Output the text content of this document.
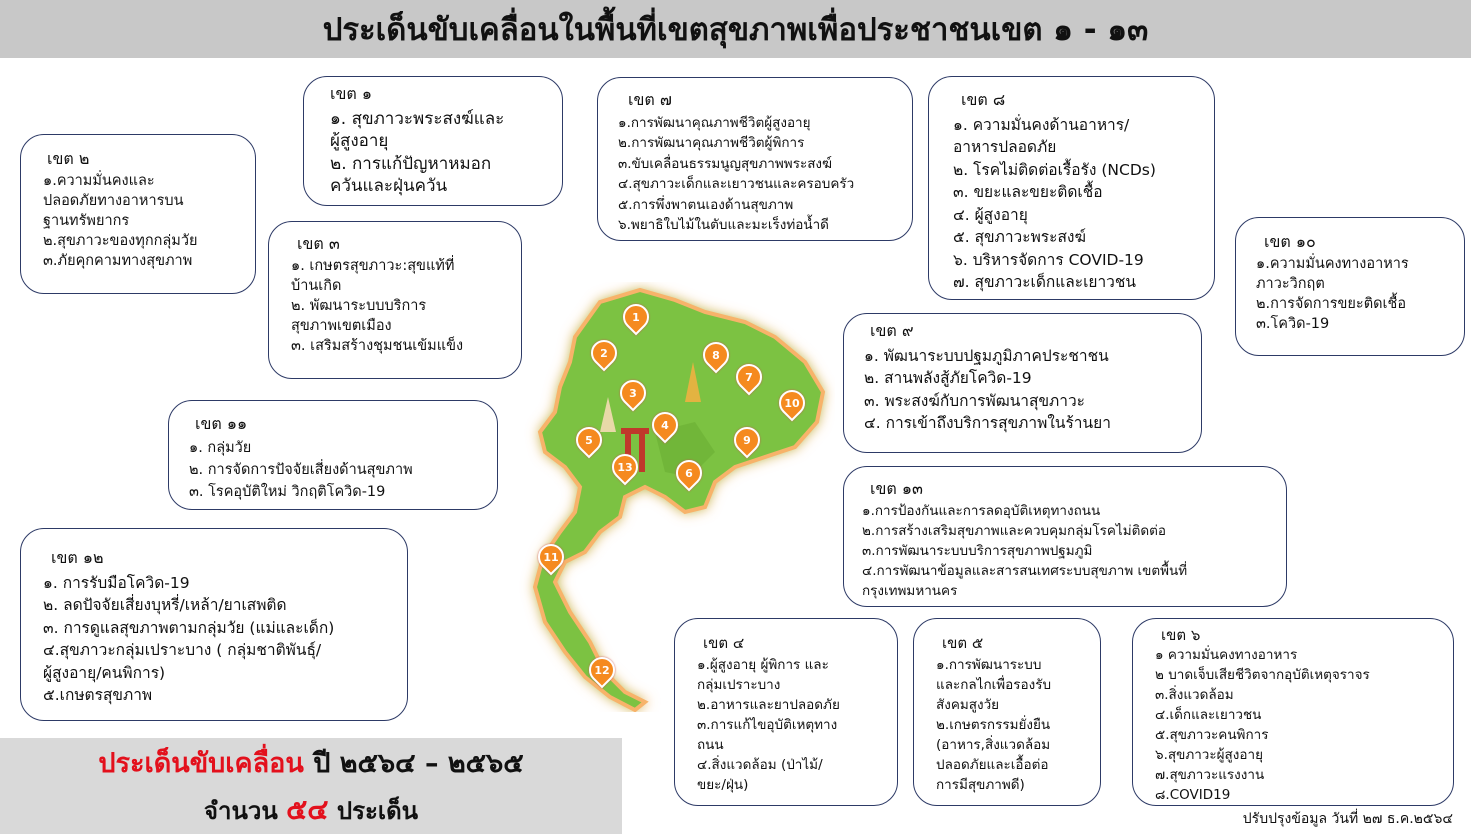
ประเด็นขับเคลื่อนในพื้นที่เขตสุขภาพเพื่อประชาชนเขต ๑ - ๑๓
เขต ๑
๑. สุขภาวะพระสงฆ์และ
ผู้สูงอายุ
๒. การแก้ปัญหาหมอก
ควันและฝุ่นควัน
เขต ๒
๑.ความมั่นคงและ
ปลอดภัยทางอาหารบน
ฐานทรัพยากร
๒.สุขภาวะของทุกกลุ่มวัย
๓.ภัยคุกคามทางสุขภาพ
เขต ๓
๑. เกษตรสุขภาวะ:สุขแท้ที่
บ้านเกิด
๒. พัฒนาระบบบริการ
สุขภาพเขตเมือง
๓. เสริมสร้างชุมชนเข้มแข็ง
เขต ๗
๑.การพัฒนาคุณภาพชีวิตผู้สูงอายุ
๒.การพัฒนาคุณภาพชีวิตผู้พิการ
๓.ขับเคลื่อนธรรมนูญสุขภาพพระสงฆ์
๔.สุขภาวะเด็กและเยาวชนและครอบครัว
๕.การพึ่งพาตนเองด้านสุขภาพ
๖.พยาธิใบไม้ในตับและมะเร็งท่อน้ำดี
เขต ๘
๑. ความมั่นคงด้านอาหาร/
อาหารปลอดภัย
๒. โรคไม่ติดต่อเรื้อรัง (NCDs)
๓. ขยะและขยะติดเชื้อ
๔. ผู้สูงอายุ
๕. สุขภาวะพระสงฆ์
๖. บริหารจัดการ COVID-19
๗. สุขภาวะเด็กและเยาวชน
เขต ๑๐
๑.ความมั่นคงทางอาหาร
ภาวะวิกฤต
๒.การจัดการขยะติดเชื้อ
๓.โควิด-19
เขต ๙
๑. พัฒนาระบบปฐมภูมิภาคประชาชน
๒. สานพลังสู้ภัยโควิด-19
๓. พระสงฆ์กับการพัฒนาสุขภาวะ
๔. การเข้าถึงบริการสุขภาพในร้านยา
เขต ๑๑
๑. กลุ่มวัย
๒. การจัดการปัจจัยเสี่ยงด้านสุขภาพ
๓. โรคอุบัติใหม่ วิกฤติโควิด-19	เขต ๑๓
๑.การป้องกันและการลดอุบัติเหตุทางถนน
๒.การสร้างเสริมสุขภาพและควบคุมกลุ่มโรคไม่ติดต่อ
๓.การพัฒนาระบบบริการสุขภาพปฐมภูมิ
๔.การพัฒนาข้อมูลและสารสนเทศระบบสุขภาพ เขตพื้นที่
กรุงเทพมหานคร
เขต ๑๒
๑. การรับมือโควิด-19
๒. ลดปัจจัยเสี่ยงบุหรี่/เหล้า/ยาเสพติด
๓. การดูแลสุขภาพตามกลุ่มวัย (แม่และเด็ก)
๔.สุขภาวะกลุ่มเปราะบาง ( กลุ่มชาติพันธุ์/
ผู้สูงอายุ/คนพิการ)
๕.เกษตรสุขภาพ
เขต ๔
๑.ผู้สูงอายุ ผู้พิการ และ
กลุ่มเปราะบาง
๒.อาหารและยาปลอดภัย
๓.การแก้ไขอุบัติเหตุทาง
ถนน
๔.สิ่งแวดล้อม (ป่าไม้/
ขยะ/ฝุ่น)
เขต ๕
๑.การพัฒนาระบบ
และกลไกเพื่อรองรับ
สังคมสูงวัย
๒.เกษตรกรรมยั่งยืน
(อาหาร,สิ่งแวดล้อม
ปลอดภัยและเอื้อต่อ
การมีสุขภาพดี)
เขต ๖
๑ ความมั่นคงทางอาหาร
๒ บาดเจ็บเสียชีวิตจากอุบัติเหตุจราจร
๓.สิ่งแวดล้อม
๔.เด็กและเยาวชน
๕.สุขภาวะคนพิการ
๖.สุขภาวะผู้สูงอายุ
๗.สุขภาวะแรงงาน
๘.COVID19
1
2
3
4
5
6
7
8
9
10
11
12
13
ประเด็นขับเคลื่อน ปี ๒๕๖๔ – ๒๕๖๕
จำนวน ๕๔ ประเด็น	ปรับปรุงข้อมูล วันที่ ๒๗ ธ.ค.๒๕๖๔
